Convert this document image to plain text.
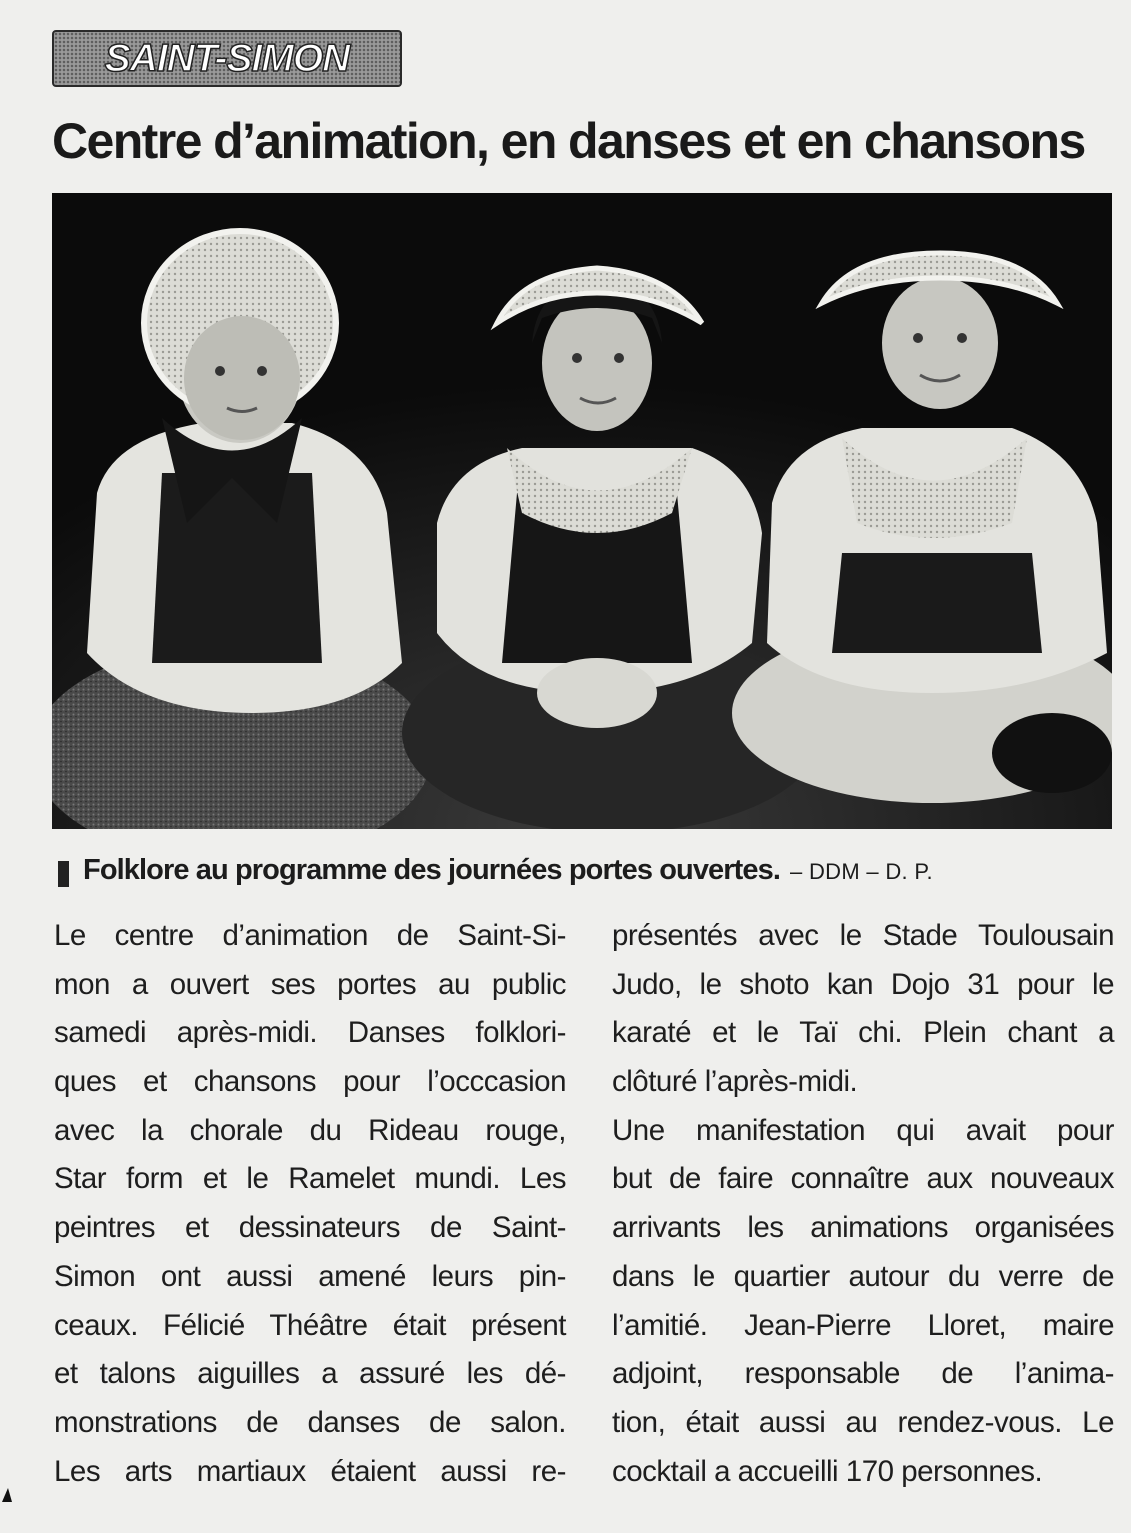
SAINT-SIMON
Centre d’animation, en danses et en chansons
Folklore au programme des journées portes ouvertes. – DDM – D. P.
Le centre d’animation de Saint-Si-
mon a ouvert ses portes au public
samedi après-midi. Danses folklori-
ques et chansons pour l’occcasion
avec la chorale du Rideau rouge,
Star form et le Ramelet mundi. Les
peintres et dessinateurs de Saint-
Simon ont aussi amené leurs pin-
ceaux. Félicié Théâtre était présent
et talons aiguilles a assuré les dé-
monstrations de danses de salon.
Les arts martiaux étaient aussi re-
présentés avec le Stade Toulousain
Judo, le shoto kan Dojo 31 pour le
karaté et le Taï chi. Plein chant a
clôturé l’après-midi.
Une manifestation qui avait pour
but de faire connaître aux nouveaux
arrivants les animations organisées
dans le quartier autour du verre de
l’amitié. Jean-Pierre Lloret, maire
adjoint, responsable de l’anima-
tion, était aussi au rendez-vous. Le
cocktail a accueilli 170 personnes.
